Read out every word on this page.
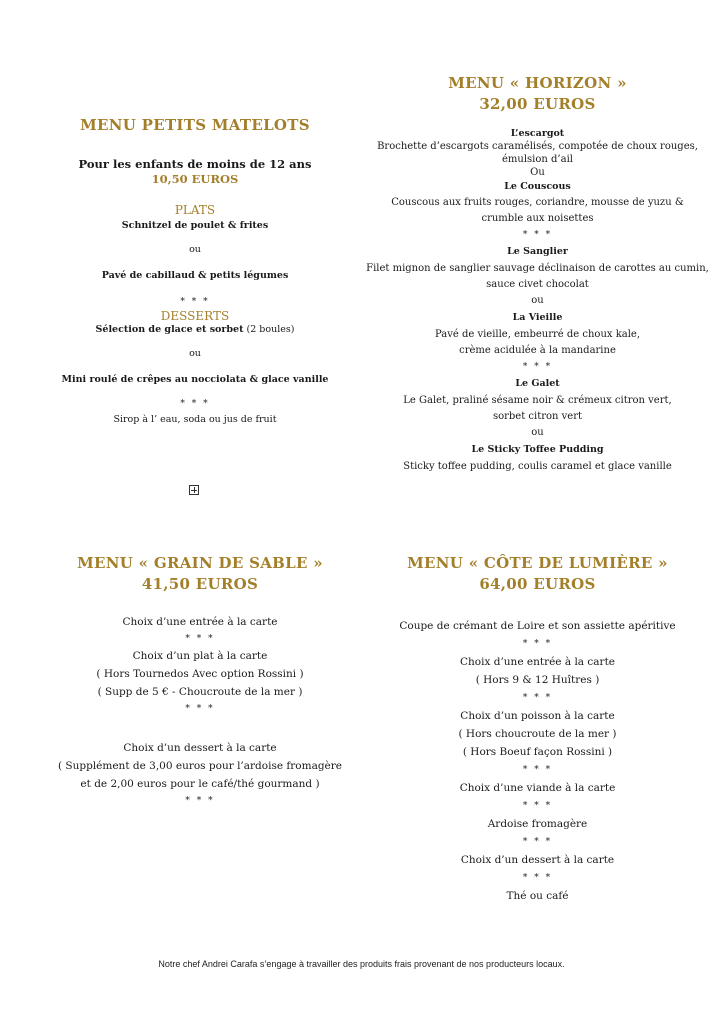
MENU PETITS MATELOTS
Pour les enfants de moins de 12 ans
10,50 EUROS
PLATS
Schnitzel de poulet & frites
ou
Pavé de cabillaud & petits légumes
* * *
DESSERTS
Sélection de glace et sorbet (2 boules)
ou
Mini roulé de crêpes au nocciolata & glace vanille
* * *
Sirop à l’ eau, soda ou jus de fruit
MENU « HORIZON »
32,00 EUROS
L’escargot
Brochette d’escargots caramélisés, compotée de choux rouges,
émulsion d’ail
Ou
Le Couscous
Couscous aux fruits rouges, coriandre, mousse de yuzu &
crumble aux noisettes
* * *
Le Sanglier
Filet mignon de sanglier sauvage déclinaison de carottes au cumin,
sauce civet chocolat
ou
La Vieille
Pavé de vieille, embeurré de choux kale,
crème acidulée à la mandarine
* * *
Le Galet
Le Galet, praliné sésame noir & crémeux citron vert,
sorbet citron vert
ou
Le Sticky Toffee Pudding
Sticky toffee pudding, coulis caramel et glace vanille
MENU « GRAIN DE SABLE »
41,50 EUROS
Choix d’une entrée à la carte
* * *
Choix d’un plat à la carte
( Hors Tournedos Avec option Rossini )
( Supp de 5 € - Choucroute de la mer )
* * *
Choix d’un dessert à la carte
( Supplément de 3,00 euros pour l’ardoise fromagère
et de 2,00 euros pour le café/thé gourmand )
* * *
MENU « CÔTE DE LUMIÈRE »
64,00 EUROS
Coupe de crémant de Loire et son assiette apéritive
* * *
Choix d’une entrée à la carte
( Hors 9 & 12 Huîtres )
* * *
Choix d’un poisson à la carte
( Hors choucroute de la mer )
( Hors Boeuf façon Rossini )
* * *
Choix d’une viande à la carte
* * *
Ardoise fromagère
* * *
Choix d’un dessert à la carte
* * *
Thé ou café
Notre chef Andrei Carafa s’engage à travailler des produits frais provenant de nos producteurs locaux.
